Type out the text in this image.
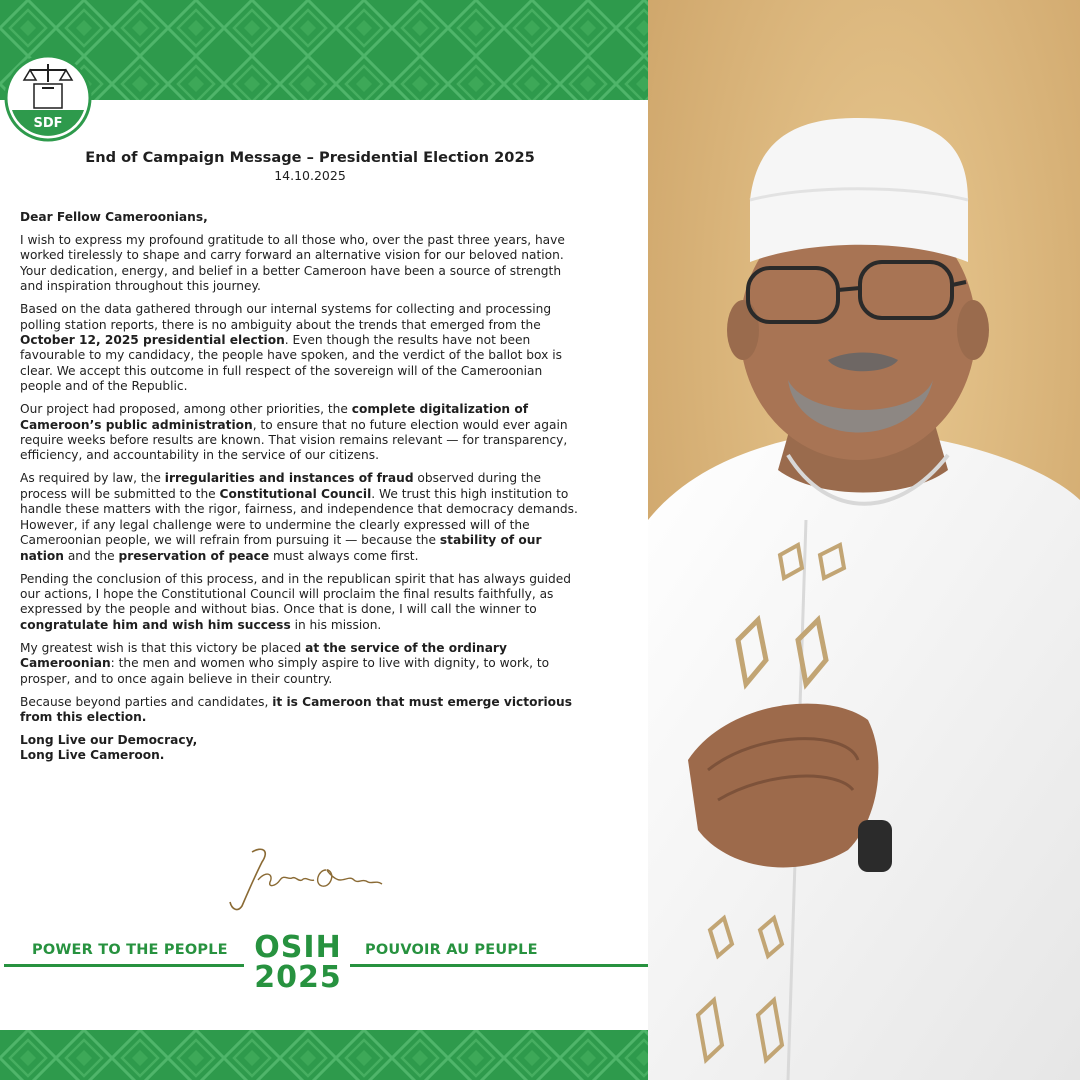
SDF
End of Campaign Message – Presidential Election 2025
14.10.2025

Dear Fellow Cameroonians,

I wish to express my profound gratitude to all those who, over the past three years, have worked tirelessly to shape and carry forward an alternative vision for our beloved nation. Your dedication, energy, and belief in a better Cameroon have been a source of strength and inspiration throughout this journey.

Based on the data gathered through our internal systems for collecting and processing polling station reports, there is no ambiguity about the trends that emerged from the October 12, 2025 presidential election. Even though the results have not been favourable to my candidacy, the people have spoken, and the verdict of the ballot box is clear. We accept this outcome in full respect of the sovereign will of the Cameroonian people and of the Republic.

Our project had proposed, among other priorities, the complete digitalization of Cameroon’s public administration, to ensure that no future election would ever again require weeks before results are known. That vision remains relevant — for transparency, efficiency, and accountability in the service of our citizens.

As required by law, the irregularities and instances of fraud observed during the process will be submitted to the Constitutional Council. We trust this high institution to handle these matters with the rigor, fairness, and independence that democracy demands. However, if any legal challenge were to undermine the clearly expressed will of the Cameroonian people, we will refrain from pursuing it — because the stability of our nation and the preservation of peace must always come first.

Pending the conclusion of this process, and in the republican spirit that has always guided our actions, I hope the Constitutional Council will proclaim the final results faithfully, as expressed by the people and without bias. Once that is done, I will call the winner to congratulate him and wish him success in his mission.

My greatest wish is that this victory be placed at the service of the ordinary Cameroonian: the men and women who simply aspire to live with dignity, to work, to prosper, and to once again believe in their country.

Because beyond parties and candidates, it is Cameroon that must emerge victorious from this election.

Long Live our Democracy,
Long Live Cameroon.

POWER TO THE PEOPLE OSIH
2025
POUVOIR AU PEUPLE
